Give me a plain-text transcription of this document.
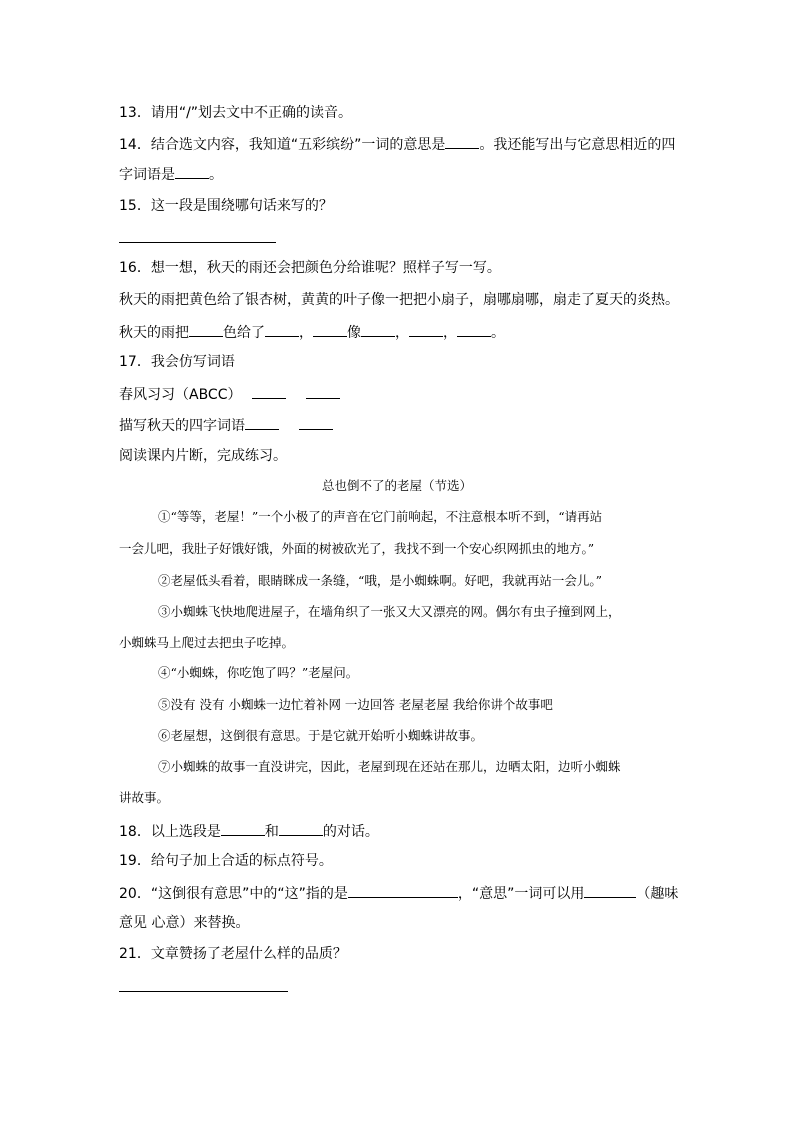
13．请用“/”划去文中不正确的读音。
14．结合选文内容，我知道“五彩缤纷”一词的意思是 。我还能写出与它意思相近的四
字词语是 。
15．这一段是围绕哪句话来写的？
16．想一想，秋天的雨还会把颜色分给谁呢？照样子写一写。
秋天的雨把黄色给了银杏树，黄黄的叶子像一把把小扇子，扇哪扇哪，扇走了夏天的炎热。
秋天的雨把 色给了 ， 像 ， ， 。
17．我会仿写词语
春风习习（ABCC）
描写秋天的四字词语
阅读课内片断，完成练习。
总也倒不了的老屋（节选）
①“等等，老屋！”一个小极了的声音在它门前响起，不注意根本听不到，“请再站
一会儿吧，我肚子好饿好饿，外面的树被砍光了，我找不到一个安心织网抓虫的地方。”
②老屋低头看着，眼睛眯成一条缝，“哦，是小蜘蛛啊。好吧，我就再站一会儿。”
③小蜘蛛飞快地爬进屋子，在墙角织了一张又大又漂亮的网。偶尔有虫子撞到网上，
小蜘蛛马上爬过去把虫子吃掉。
④“小蜘蛛，你吃饱了吗？”老屋问。
⑤没有 没有 小蜘蛛一边忙着补网 一边回答 老屋老屋 我给你讲个故事吧
⑥老屋想，这倒很有意思。于是它就开始听小蜘蛛讲故事。
⑦小蜘蛛的故事一直没讲完，因此，老屋到现在还站在那儿，边晒太阳，边听小蜘蛛
讲故事。
18．以上选段是	和	的对话。
19．给句子加上合适的标点符号。
20．“这倒很有意思”中的“这”指的是	，“意思”一词可以用	（趣味
意见 心意）来替换。
21．文章赞扬了老屋什么样的品质？
